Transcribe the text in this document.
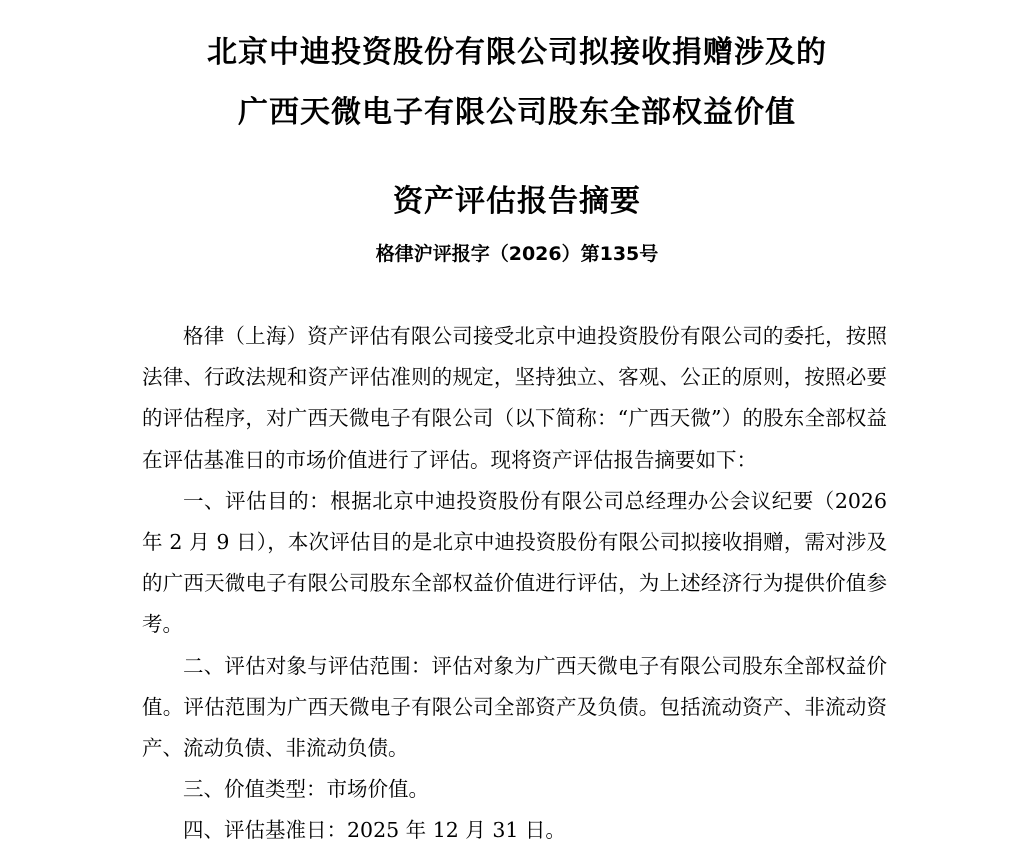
北京中迪投资股份有限公司拟接收捐赠涉及的
广西天微电子有限公司股东全部权益价值
资产评估报告摘要
格律沪评报字（2026）第135号

格律（上海）资产评估有限公司接受北京中迪投资股份有限公司的委托，按照法律、行政法规和资产评估准则的规定，坚持独立、客观、公正的原则，按照必要的评估程序，对广西天微电子有限公司（以下简称：“广西天微”）的股东全部权益在评估基准日的市场价值进行了评估。现将资产评估报告摘要如下：

一、评估目的：根据北京中迪投资股份有限公司总经理办公会议纪要（2026年 2 月 9 日），本次评估目的是北京中迪投资股份有限公司拟接收捐赠，需对涉及的广西天微电子有限公司股东全部权益价值进行评估，为上述经济行为提供价值参考。

二、评估对象与评估范围：评估对象为广西天微电子有限公司股东全部权益价值。评估范围为广西天微电子有限公司全部资产及负债。包括流动资产、非流动资产、流动负债、非流动负债。

三、价值类型：市场价值。

四、评估基准日：2025 年 12 月 31 日。
